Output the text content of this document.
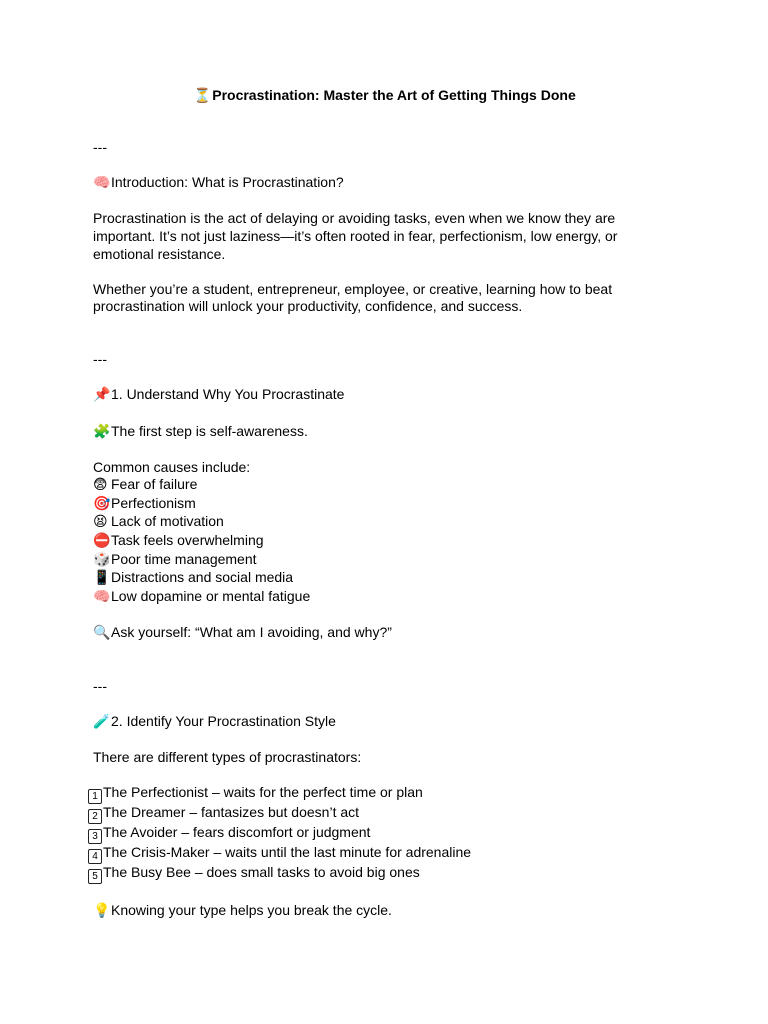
⏳Procrastination: Master the Art of Getting Things Done
---
🧠Introduction: What is Procrastination?
Procrastination is the act of delaying or avoiding tasks, even when we know they are important. It’s not just laziness—it’s often rooted in fear, perfectionism, low energy, or emotional resistance.
Whether you’re a student, entrepreneur, employee, or creative, learning how to beat procrastination will unlock your productivity, confidence, and success.
---
📌1. Understand Why You Procrastinate
🧩The first step is self-awareness.
Common causes include:
😨 Fear of failure
🎯Perfectionism
😫 Lack of motivation
⛔Task feels overwhelming
🎲Poor time management
📱Distractions and social media
🧠Low dopamine or mental fatigue
🔍Ask yourself: “What am I avoiding, and why?”
---
🧪2. Identify Your Procrastination Style
There are different types of procrastinators:
1 The Perfectionist – waits for the perfect time or plan
2 The Dreamer – fantasizes but doesn’t act
3 The Avoider – fears discomfort or judgment
4 The Crisis-Maker – waits until the last minute for adrenaline
5 The Busy Bee – does small tasks to avoid big ones
💡Knowing your type helps you break the cycle.
